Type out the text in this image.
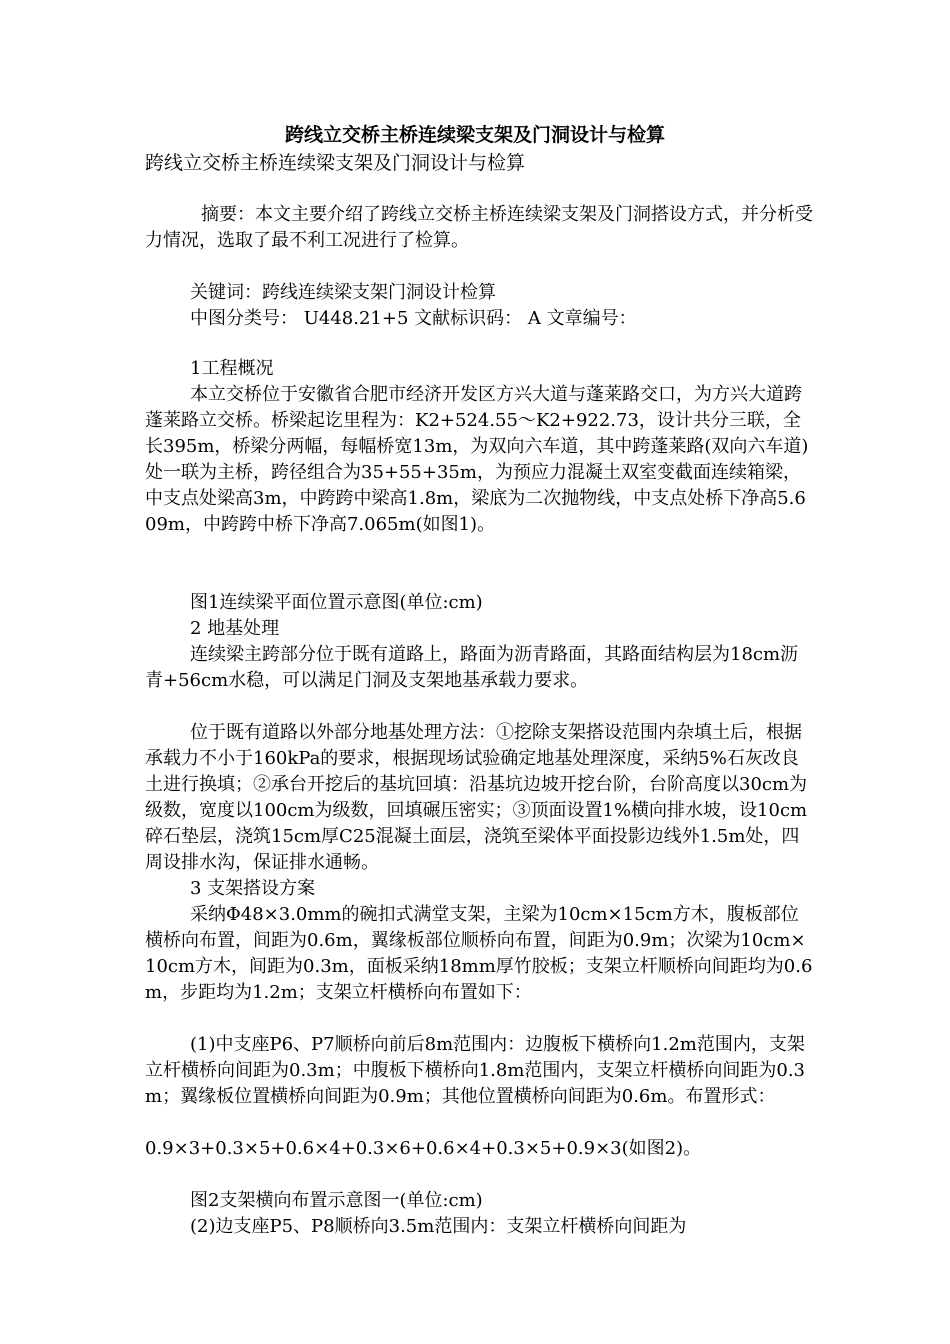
跨线立交桥主桥连续梁支架及门洞设计与检算
跨线立交桥主桥连续梁支架及门洞设计与检算
摘要：本文主要介绍了跨线立交桥主桥连续梁支架及门洞搭设方式，并分析受力情况，选取了最不利工况进行了检算。
关键词：跨线连续梁支架门洞设计检算
中图分类号： U448.21+5 文献标识码： A 文章编号：
1工程概况
本立交桥位于安徽省合肥市经济开发区方兴大道与蓬莱路交口，为方兴大道跨蓬莱路立交桥。桥梁起讫里程为：K2+524.55～K2+922.73，设计共分三联，全长395m，桥梁分两幅，每幅桥宽13m，为双向六车道，其中跨蓬莱路(双向六车道)处一联为主桥，跨径组合为35+55+35m，为预应力混凝土双室变截面连续箱梁，中支点处梁高3m，中跨跨中梁高1.8m，梁底为二次抛物线，中支点处桥下净高5.609m，中跨跨中桥下净高7.065m(如图1)。
图1连续梁平面位置示意图(单位:cm)
2 地基处理
连续梁主跨部分位于既有道路上，路面为沥青路面，其路面结构层为18cm沥青+56cm水稳，可以满足门洞及支架地基承载力要求。
位于既有道路以外部分地基处理方法：①挖除支架搭设范围内杂填土后，根据承载力不小于160kPa的要求，根据现场试验确定地基处理深度，采纳5%石灰改良土进行换填；②承台开挖后的基坑回填：沿基坑边坡开挖台阶，台阶高度以30cm为级数，宽度以100cm为级数，回填碾压密实；③顶面设置1%横向排水坡，设10cm碎石垫层，浇筑15cm厚C25混凝土面层，浇筑至梁体平面投影边线外1.5m处，四周设排水沟，保证排水通畅。
3 支架搭设方案
采纳Φ48×3.0mm的碗扣式满堂支架，主梁为10cm×15cm方木，腹板部位横桥向布置，间距为0.6m，翼缘板部位顺桥向布置，间距为0.9m；次梁为10cm×10cm方木，间距为0.3m，面板采纳18mm厚竹胶板；支架立杆顺桥向间距均为0.6m，步距均为1.2m；支架立杆横桥向布置如下：
(1)中支座P6、P7顺桥向前后8m范围内：边腹板下横桥向1.2m范围内，支架立杆横桥向间距为0.3m；中腹板下横桥向1.8m范围内，支架立杆横桥向间距为0.3m；翼缘板位置横桥向间距为0.9m；其他位置横桥向间距为0.6m。布置形式：
0.9×3+0.3×5+0.6×4+0.3×6+0.6×4+0.3×5+0.9×3(如图2)。
图2支架横向布置示意图一(单位:cm)
(2)边支座P5、P8顺桥向3.5m范围内：支架立杆横桥向间距为
